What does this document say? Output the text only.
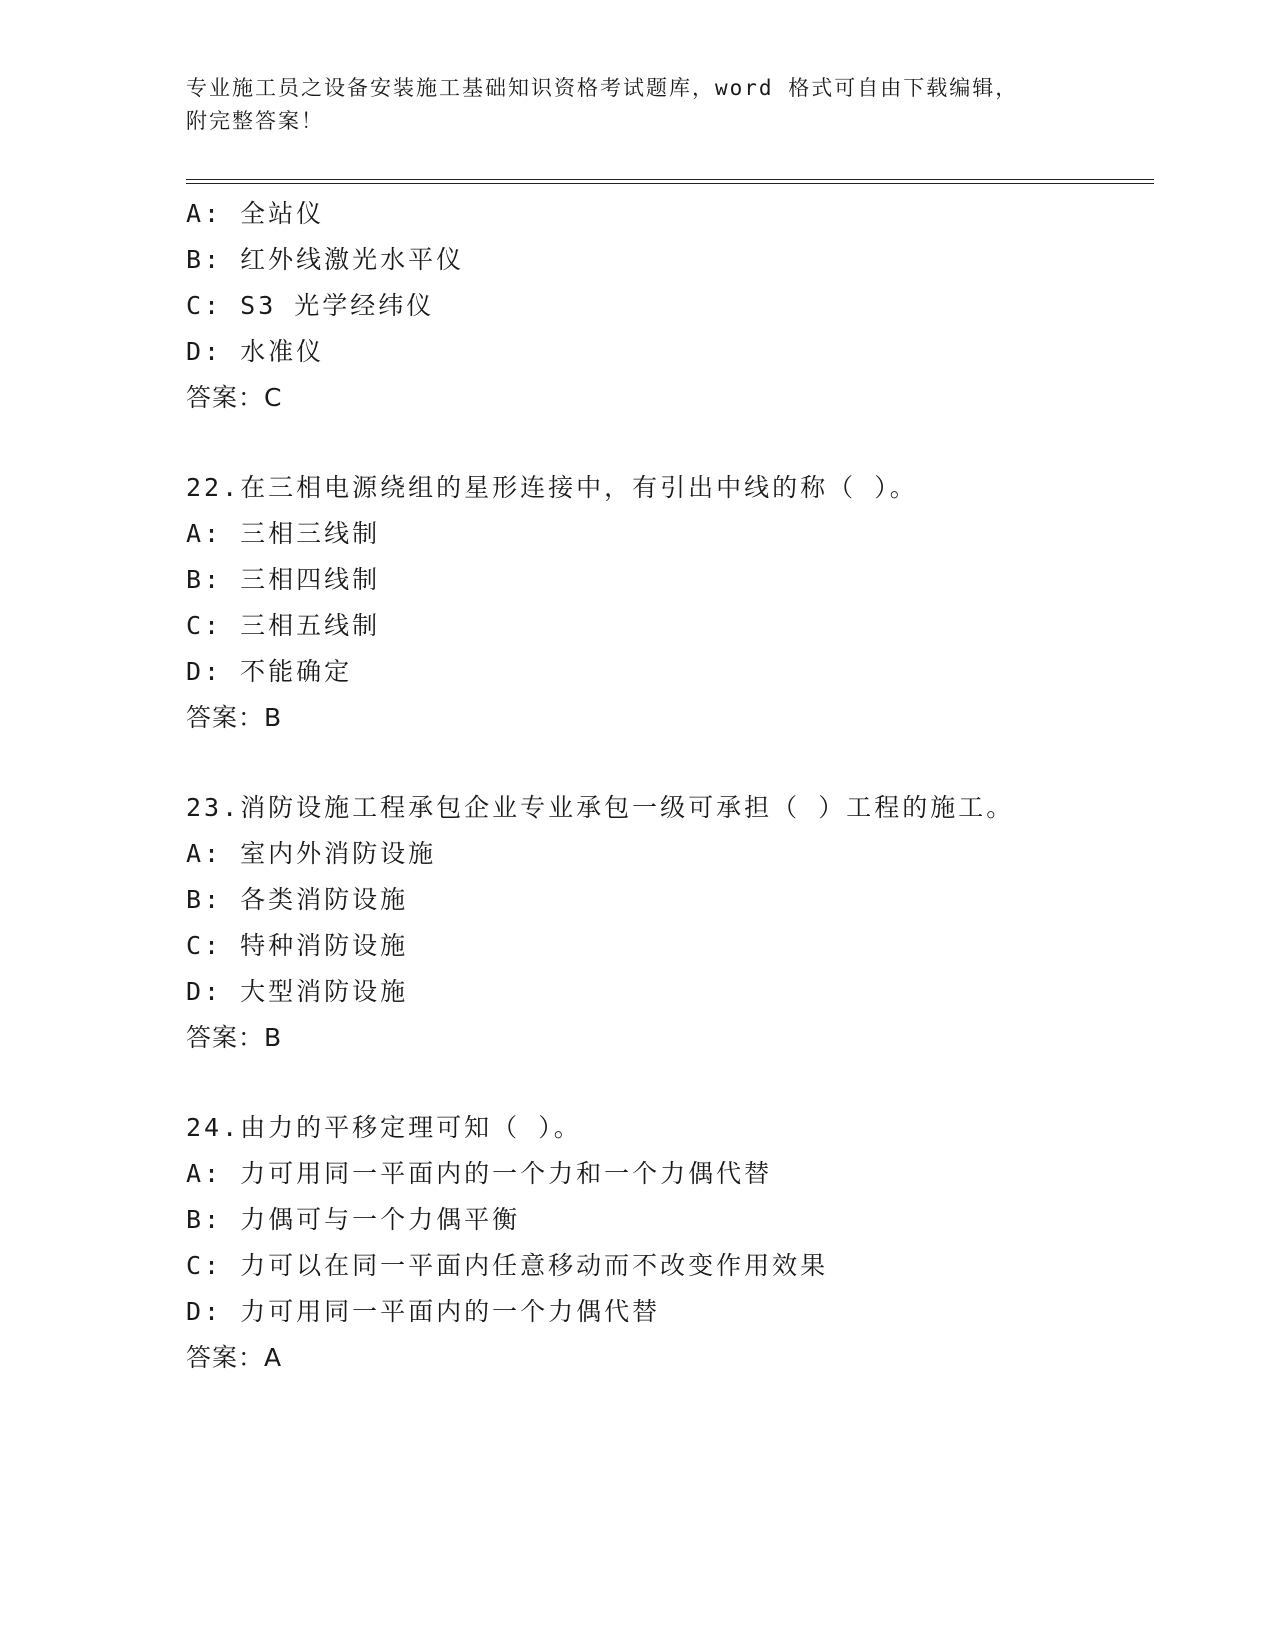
专业施工员之设备安装施工基础知识资格考试题库，word 格式可自由下载编辑，
附完整答案！
A: 全站仪
B: 红外线激光水平仪
C: S3 光学经纬仪
D: 水准仪
答案：C
22.在三相电源绕组的星形连接中，有引出中线的称（ ）。
A: 三相三线制
B: 三相四线制
C: 三相五线制
D: 不能确定
答案：B
23.消防设施工程承包企业专业承包一级可承担（ ）工程的施工。
A: 室内外消防设施
B: 各类消防设施
C: 特种消防设施
D: 大型消防设施
答案：B
24.由力的平移定理可知（ ）。
A: 力可用同一平面内的一个力和一个力偶代替
B: 力偶可与一个力偶平衡
C: 力可以在同一平面内任意移动而不改变作用效果
D: 力可用同一平面内的一个力偶代替
答案：A
